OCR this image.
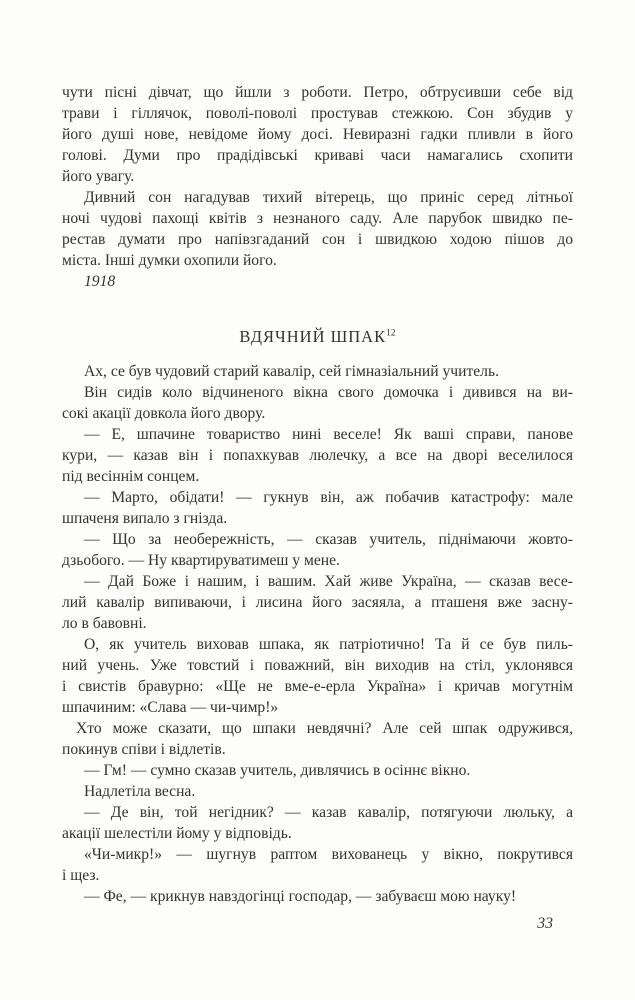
чути пісні дівчат, що йшли з роботи. Петро, обтрусивши себе від
трави і гіллячок, поволі-поволі простував стежкою. Сон збудив у
його душі нове, невідоме йому досі. Невиразні гадки пливли в його
голові. Думи про прадідівські криваві часи намагались схопити
його увагу.
Дивний сон нагадував тихий вітерець, що приніс серед літньої
ночі чудові пахощі квітів з незнаного саду. Але парубок швидко пе-
рестав думати про напівзгаданий сон і швидкою ходою пішов до
міста. Інші думки охопили його.
1918
ВДЯЧНИЙ ШПАК$^{12}$
Ах, се був чудовий старий кавалір, сей гімназіальний учитель.
Він сидів коло відчиненого вікна свого домочка і дивився на ви-
сокі акації довкола його двору.
— Е, шпачине товариство нині веселе! Як ваші справи, панове
кури, — казав він і попахкував люлечку, а все на дворі веселилося
під весіннім сонцем.
— Марто, обідати! — гукнув він, аж побачив катастрофу: мале
шпаченя випало з гнізда.
— Що за необережність, — сказав учитель, піднімаючи жовто-
дзьобого. — Ну квартируватимеш у мене.
— Дай Боже і нашим, і вашим. Хай живе Україна, — сказав весе-
лий кавалір випиваючи, і лисина його засяяла, а пташеня вже засну-
ло в бавовні.
О, як учитель виховав шпака, як патріотично! Та й се був пиль-
ний учень. Уже товстий і поважний, він виходив на стіл, уклонявся
і свистів бравурно: «Ще не вме-е-ерла Україна» і кричав могутнім
шпачиним: «Слава — чи-чимр!»
Хто може сказати, що шпаки невдячні? Але сей шпак одружився,
покинув співи і відлетів.
— Гм! — сумно сказав учитель, дивлячись в осіннє вікно.
Надлетіла весна.
— Де він, той негідник? — казав кавалір, потягуючи люльку, а
акації шелестіли йому у відповідь.
«Чи-микр!» — шугнув раптом вихованець у вікно, покрутився
і щез.
— Фе, — крикнув навздогінці господар, — забуваєш мою науку!
33
